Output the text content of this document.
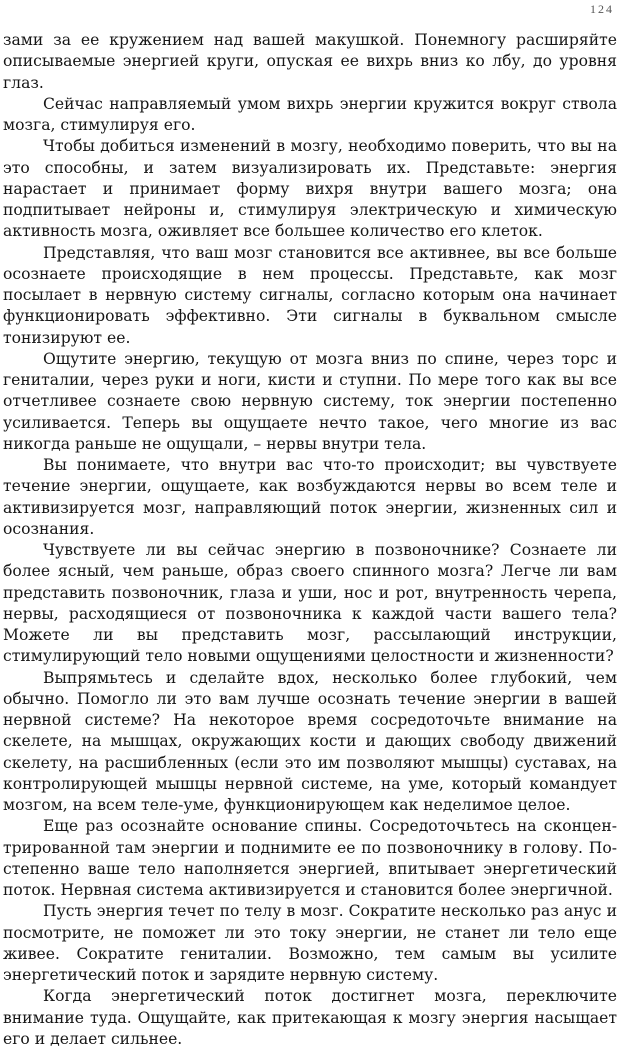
124

зами за ее кружением над вашей макушкой. Понемногу расширяйте описываемые энергией круги, опуская ее вихрь вниз ко лбу, до уровня глаз.

Сейчас направляемый умом вихрь энергии кружится вокруг ствола мозга, стимулируя его.

Чтобы добиться изменений в мозгу, необходимо поверить, что вы на это способны, и затем визуализировать их. Представьте: энергия нарастает и принимает форму вихря внутри вашего мозга; она подпитывает нейроны и, стимулируя электрическую и химическую активность мозга, оживляет все большее количество его клеток.

Представляя, что ваш мозг становится все активнее, вы все больше осознаете происходящие в нем процессы. Представьте, как мозг посылает в нервную систему сигналы, согласно которым она начинает функционировать эффективно. Эти сигналы в буквальном смысле тонизируют ее.

Ощутите энергию, текущую от мозга вниз по спине, через торс и гениталии, через руки и ноги, кисти и ступни. По мере того как вы все отчетливее сознаете свою нервную систему, ток энергии постепенно усиливается. Теперь вы ощущаете нечто такое, чего многие из вас никогда раньше не ощущали, – нервы внутри тела.

Вы понимаете, что внутри вас что-то происходит; вы чувствуете течение энергии, ощущаете, как возбуждаются нервы во всем теле и активизируется мозг, направляющий поток энергии, жизненных сил и осознания.

Чувствуете ли вы сейчас энергию в позвоночнике? Сознаете ли более ясный, чем раньше, образ своего спинного мозга? Легче ли вам представить позвоночник, глаза и уши, нос и рот, внутренность черепа, нервы, расходящиеся от позвоночника к каждой части вашего тела? Можете ли вы представить мозг, рассылающий инструкции, стимулирующий тело новыми ощущениями целостности и жизненности?

Выпрямьтесь и сделайте вдох, несколько более глубокий, чем обычно. Помогло ли это вам лучше осознать течение энергии в вашей нервной системе? На некоторое время сосредоточьте внимание на скелете, на мышцах, окружающих кости и дающих свободу движений скелету, на расшибленных (если это им позволяют мышцы) суставах, на контролирующей мышцы нервной системе, на уме, который командует мозгом, на всем теле-уме, функционирующем как неделимое целое.

Еще раз осознайте основание спины. Сосредоточьтесь на сконцентрированной там энергии и поднимите ее по позвоночнику в голову. Постепенно ваше тело наполняется энергией, впитывает энергетический поток. Нервная система активизируется и становится более энергичной.

Пусть энергия течет по телу в мозг. Сократите несколько раз анус и посмотрите, не поможет ли это току энергии, не станет ли тело еще живее. Сократите гениталии. Возможно, тем самым вы усилите энергетический поток и зарядите нервную систему.

Когда энергетический поток достигнет мозга, переключите внимание туда. Ощущайте, как притекающая к мозгу энергия насыщает его и делает сильнее.
